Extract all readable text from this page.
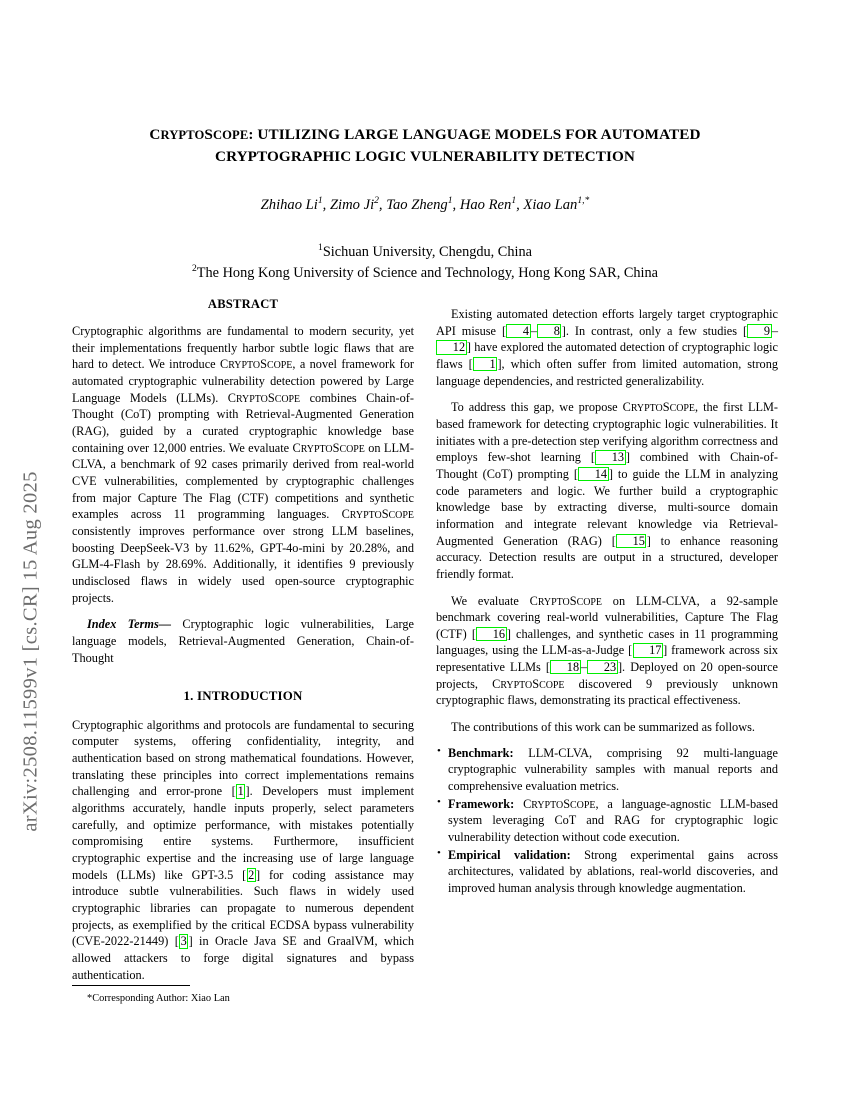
arXiv:2508.11599v1 [cs.CR] 15 Aug 2025
CRYPTOSCOPE: UTILIZING LARGE LANGUAGE MODELS FOR AUTOMATED
CRYPTOGRAPHIC LOGIC VULNERABILITY DETECTION
Zhihao Li$^1$, Zimo Ji$^2$, Tao Zheng$^1$, Hao Ren$^1$, Xiao Lan$^{1,*}$
$^1$Sichuan University, Chengdu, China
$^2$The Hong Kong University of Science and Technology, Hong Kong SAR, China
ABSTRACT

Cryptographic algorithms are fundamental to modern security, yet their implementations frequently harbor subtle logic flaws that are hard to detect. We introduce CRYPTOSCOPE, a novel framework for automated cryptographic vulnerability detection powered by Large Language Models (LLMs). CRYPTOSCOPE combines Chain-of-Thought (CoT) prompting with Retrieval-Augmented Generation (RAG), guided by a curated cryptographic knowledge base containing over 12,000 entries. We evaluate CRYPTOSCOPE on LLM-CLVA, a benchmark of 92 cases primarily derived from real-world CVE vulnerabilities, complemented by cryptographic challenges from major Capture The Flag (CTF) competitions and synthetic examples across 11 programming languages. CRYPTOSCOPE consistently improves performance over strong LLM baselines, boosting DeepSeek-V3 by 11.62%, GPT-4o-mini by 20.28%, and GLM-4-Flash by 28.69%. Additionally, it identifies 9 previously undisclosed flaws in widely used open-source cryptographic projects.

Index Terms— Cryptographic logic vulnerabilities, Large language models, Retrieval-Augmented Generation, Chain-of-Thought

1. INTRODUCTION

Cryptographic algorithms and protocols are fundamental to securing computer systems, offering confidentiality, integrity, and authentication based on strong mathematical foundations. However, translating these principles into correct implementations remains challenging and error-prone [ 1 ]. Developers must implement algorithms accurately, handle inputs properly, select parameters carefully, and optimize performance, with mistakes potentially compromising entire systems. Furthermore, insufficient cryptographic expertise and the increasing use of large language models (LLMs) like GPT-3.5 [ 2 ] for coding assistance may introduce subtle vulnerabilities. Such flaws in widely used cryptographic libraries can propagate to numerous dependent projects, as exemplified by the critical ECDSA bypass vulnerability (CVE-2022-21449) [ 3 ] in Oracle Java SE and GraalVM, which allowed attackers to forge digital signatures and bypass authentication.

Existing automated detection efforts largely target cryptographic API misuse [ 4 – 8 ]. In contrast, only a few studies [ 9 –12 ] have explored the automated detection of cryptographic logic flaws [ 1 ], which often suffer from limited automation, strong language dependencies, and restricted generalizability.

To address this gap, we propose CRYPTOSCOPE, the first LLM-based framework for detecting cryptographic logic vulnerabilities. It initiates with a pre-detection step verifying algorithm correctness and employs few-shot learning [ 13 ] combined with Chain-of-Thought (CoT) prompting [ 14 ] to guide the LLM in analyzing code parameters and logic. We further build a cryptographic knowledge base by extracting diverse, multi-source domain information and integrate relevant knowledge via Retrieval-Augmented Generation (RAG) [ 15 ] to enhance reasoning accuracy. Detection results are output in a structured, developer friendly format.

We evaluate CRYPTOSCOPE on LLM-CLVA, a 92-sample benchmark covering real-world vulnerabilities, Capture The Flag (CTF) [ 16 ] challenges, and synthetic cases in 11 programming languages, using the LLM-as-a-Judge [ 17 ] framework across six representative LLMs [ 18 – 23 ]. Deployed on 20 open-source projects, CRYPTOSCOPE discovered 9 previously unknown cryptographic flaws, demonstrating its practical effectiveness.

The contributions of this work can be summarized as follows.

• Benchmark: LLM-CLVA, comprising 92 multi-language cryptographic vulnerability samples with manual reports and comprehensive evaluation metrics.
• Framework: CRYPTOSCOPE, a language-agnostic LLM-based system leveraging CoT and RAG for cryptographic logic vulnerability detection without code execution.
• Empirical validation: Strong experimental gains across architectures, validated by ablations, real-world discoveries, and improved human analysis through knowledge augmentation.
*Corresponding Author: Xiao Lan
